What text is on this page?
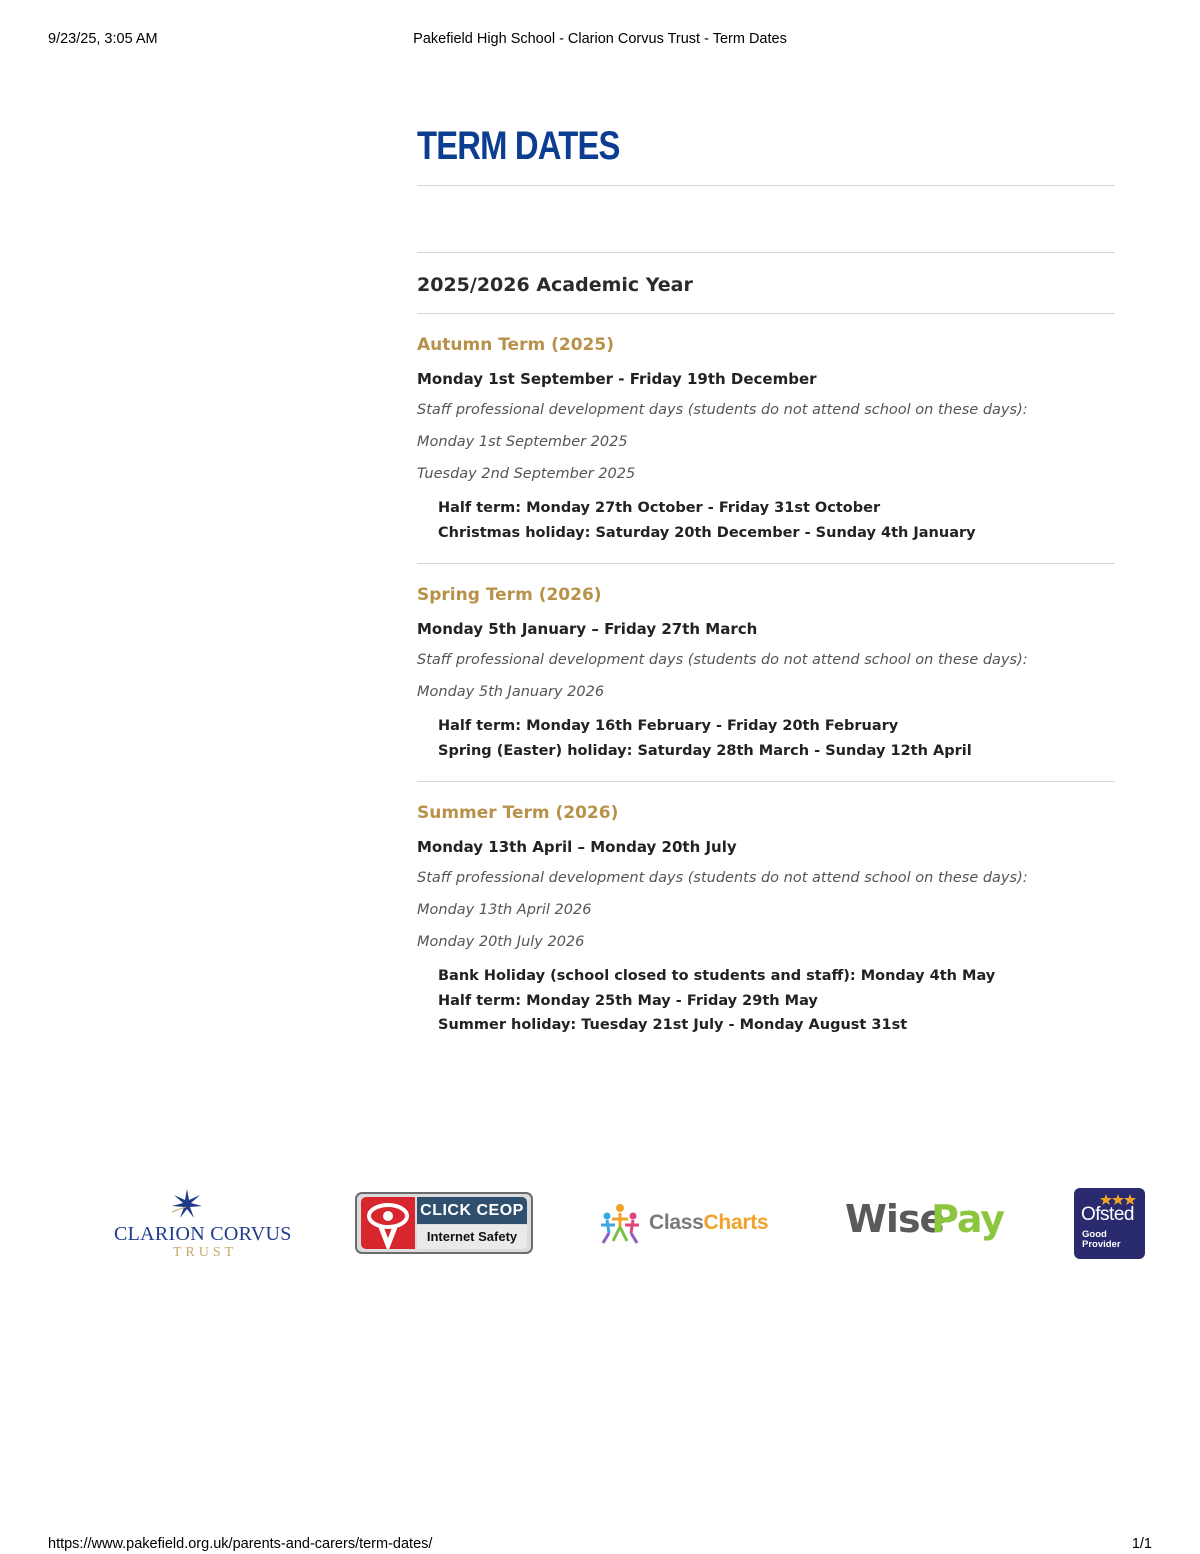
9/23/25, 3:05 AM	Pakefield High School - Clarion Corvus Trust - Term Dates
TERM DATES
2025/2026 Academic Year
Autumn Term (2025)

Monday 1st September - Friday 19th December

Staff professional development days (students do not attend school on these days):

Monday 1st September 2025

Tuesday 2nd September 2025

Half term: Monday 27th October - Friday 31st October
Christmas holiday: Saturday 20th December - Sunday 4th January
Spring Term (2026)

Monday 5th January – Friday 27th March

Staff professional development days (students do not attend school on these days):

Monday 5th January 2026

Half term: Monday 16th February - Friday 20th February
Spring (Easter) holiday: Saturday 28th March - Sunday 12th April
Summer Term (2026)

Monday 13th April – Monday 20th July

Staff professional development days (students do not attend school on these days):

Monday 13th April 2026

Monday 20th July 2026

Bank Holiday (school closed to students and staff): Monday 4th May
Half term: Monday 25th May - Friday 29th May
Summer holiday: Tuesday 21st July - Monday August 31st
CLARION CORVUS
TRUST
CLICK CEOP
Internet Safety
ClassCharts Wise
Pay	Ofsted
Good
Provider
https://www.pakefield.org.uk/parents-and-carers/term-dates/	1/1
